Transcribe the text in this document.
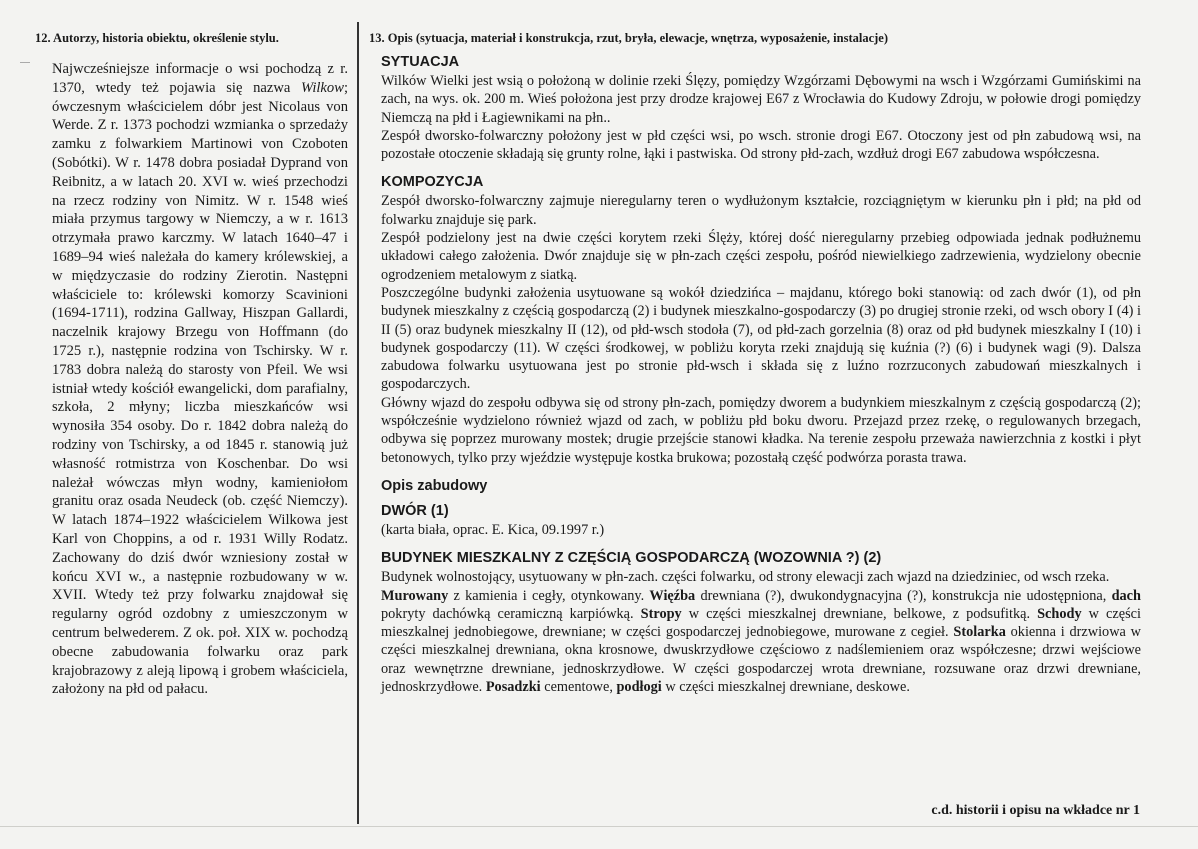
12. Autorzy, historia obiektu, określenie stylu.

Najwcześniejsze informacje o wsi pochodzą z r. 1370, wtedy też pojawia się nazwa Wilkow; ówczesnym właścicielem dóbr jest Nicolaus von Werde. Z r. 1373 pochodzi wzmianka o sprzedaży zamku z folwarkiem Martinowi von Czoboten (Sobótki). W r. 1478 dobra posiadał Dyprand von Reibnitz, a w latach 20. XVI w. wieś przechodzi na rzecz rodziny von Nimitz. W r. 1548 wieś miała przymus targowy w Niemczy, a w r. 1613 otrzymała prawo karczmy. W latach 1640–47 i 1689–94 wieś należała do kamery królewskiej, a w międzyczasie do rodziny Zierotin. Następni właściciele to: królewski komorzy Scavinioni (1694-1711), rodzina Gallway, Hiszpan Gallardi, naczelnik krajowy Brzegu von Hoffmann (do 1725 r.), następnie rodzina von Tschirsky. W r. 1783 dobra należą do starosty von Pfeil. We wsi istniał wtedy kościół ewangelicki, dom parafialny, szkoła, 2 młyny; liczba mieszkańców wsi wynosiła 354 osoby. Do r. 1842 dobra należą do rodziny von Tschirsky, a od 1845 r. stanowią już własność rotmistrza von Koschenbar. Do wsi należał wówczas młyn wodny, kamieniołom granitu oraz osada Neudeck (ob. część Niemczy). W latach 1874–1922 właścicielem Wilkowa jest Karl von Choppins, a od r. 1931 Willy Rodatz. Zachowany do dziś dwór wzniesiony został w końcu XVI w., a następnie rozbudowany w w. XVII. Wtedy też przy folwarku znajdował się regularny ogród ozdobny z umieszczonym w centrum belwederem. Z ok. poł. XIX w. pochodzą obecne zabudowania folwarku oraz park krajobrazowy z aleją lipową i grobem właściciela, założony na płd od pałacu.

13. Opis (sytuacja, materiał i konstrukcja, rzut, bryła, elewacje, wnętrza, wyposażenie, instalacje)
SYTUACJA

Wilków Wielki jest wsią o położoną w dolinie rzeki Ślęzy, pomiędzy Wzgórzami Dębowymi na wsch i Wzgórzami Gumińskimi na zach, na wys. ok. 200 m. Wieś położona jest przy drodze krajowej E67 z Wrocławia do Kudowy Zdroju, w połowie drogi pomiędzy Niemczą na płd i Łagiewnikami na płn..

Zespół dworsko-folwarczny położony jest w płd części wsi, po wsch. stronie drogi E67. Otoczony jest od płn zabudową wsi, na pozostałe otoczenie składają się grunty rolne, łąki i pastwiska. Od strony płd-zach, wzdłuż drogi E67 zabudowa współczesna.

KOMPOZYCJA

Zespół dworsko-folwarczny zajmuje nieregularny teren o wydłużonym kształcie, rozciągniętym w kierunku płn i płd; na płd od folwarku znajduje się park.

Zespół podzielony jest na dwie części korytem rzeki Ślęży, której dość nieregularny przebieg odpowiada jednak podłużnemu układowi całego założenia. Dwór znajduje się w płn-zach części zespołu, pośród niewielkiego zadrzewienia, wydzielony obecnie ogrodzeniem metalowym z siatką.

Poszczególne budynki założenia usytuowane są wokół dziedzińca – majdanu, którego boki stanowią: od zach dwór (1), od płn budynek mieszkalny z częścią gospodarczą (2) i budynek mieszkalno-gospodarczy (3) po drugiej stronie rzeki, od wsch obory I (4) i II (5) oraz budynek mieszkalny II (12), od płd-wsch stodoła (7), od płd-zach gorzelnia (8) oraz od płd budynek mieszkalny I (10) i budynek gospodarczy (11). W części środkowej, w pobliżu koryta rzeki znajdują się kuźnia (?) (6) i budynek wagi (9). Dalsza zabudowa folwarku usytuowana jest po stronie płd-wsch i składa się z luźno rozrzuconych zabudowań mieszkalnych i gospodarczych.

Główny wjazd do zespołu odbywa się od strony płn-zach, pomiędzy dworem a budynkiem mieszkalnym z częścią gospodarczą (2); współcześnie wydzielono również wjazd od zach, w pobliżu płd boku dworu. Przejazd przez rzekę, o regulowanych brzegach, odbywa się poprzez murowany mostek; drugie przejście stanowi kładka. Na terenie zespołu przeważa nawierzchnia z kostki i płyt betonowych, tylko przy wjeździe występuje kostka brukowa; pozostałą część podwórza porasta trawa.

Opis zabudowy
DWÓR (1)

(karta biała, oprac. E. Kica, 09.1997 r.)

BUDYNEK MIESZKALNY Z CZĘŚCIĄ GOSPODARCZĄ (WOZOWNIA ?) (2)

Budynek wolnostojący, usytuowany w płn-zach. części folwarku, od strony elewacji zach wjazd na dziedziniec, od wsch rzeka.

Murowany z kamienia i cegły, otynkowany. Więźba drewniana (?), dwukondygnacyjna (?), konstrukcja nie udostępniona, dach pokryty dachówką ceramiczną karpiówką. Stropy w części mieszkalnej drewniane, belkowe, z podsufitką. Schody w części mieszkalnej jednobiegowe, drewniane; w części gospodarczej jednobiegowe, murowane z cegieł. Stolarka okienna i drzwiowa w części mieszkalnej drewniana, okna krosnowe, dwuskrzydłowe częściowo z nadślemieniem oraz współczesne; drzwi wejściowe oraz wewnętrzne drewniane, jednoskrzydłowe. W części gospodarczej wrota drewniane, rozsuwane oraz drzwi drewniane, jednoskrzydłowe. Posadzki cementowe, podłogi w części mieszkalnej drewniane, deskowe.

c.d. historii i opisu na wkładce nr 1
